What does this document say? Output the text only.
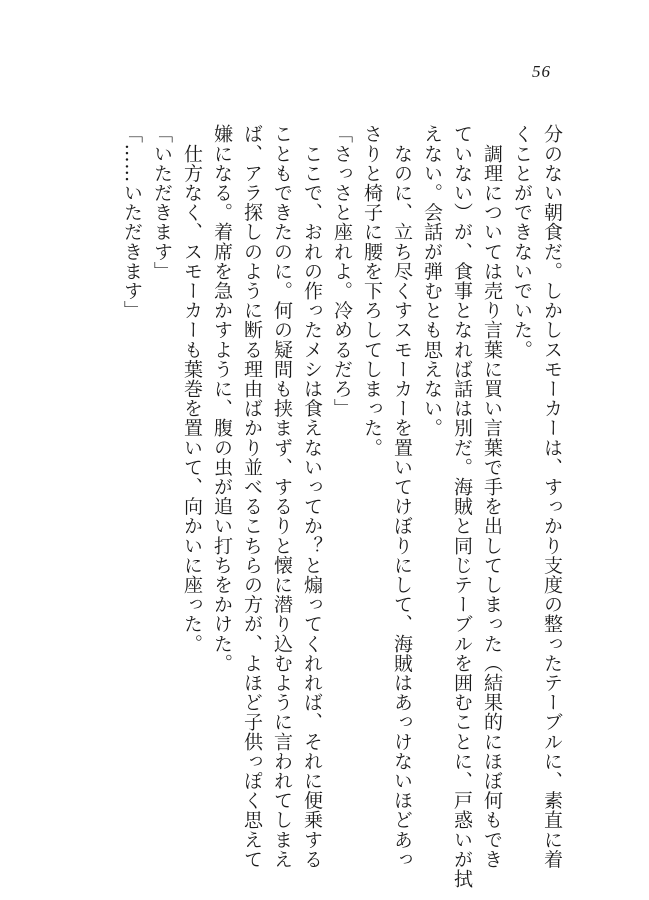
56
分のない朝食だ。しかしスモーカーは、すっかり支度の整ったテーブルに、素直に着
くことができないでいた。
　調理については売り言葉に買い言葉で手を出してしまった（結果的にほぼ何もでき
ていない）が、食事となれば話は別だ。海賊と同じテーブルを囲むことに、戸惑いが拭
えない。会話が弾むとも思えない。
　なのに、立ち尽くすスモーカーを置いてけぼりにして、海賊はあっけないほどあっ
さりと椅子に腰を下ろしてしまった。
「さっさと座れよ。冷めるだろ」
　ここで、おれの作ったメシは食えないってか？と煽ってくれれば、それに便乗する
こともできたのに。何の疑問も挟まず、するりと懐に潜り込むように言われてしまえ
ば、アラ探しのように断る理由ばかり並べるこちらの方が、よほど子供っぽく思えて
嫌になる。着席を急かすように、腹の虫が追い打ちをかけた。
　仕方なく、スモーカーも葉巻を置いて、向かいに座った。
「いただきます」
「……いただきます」
